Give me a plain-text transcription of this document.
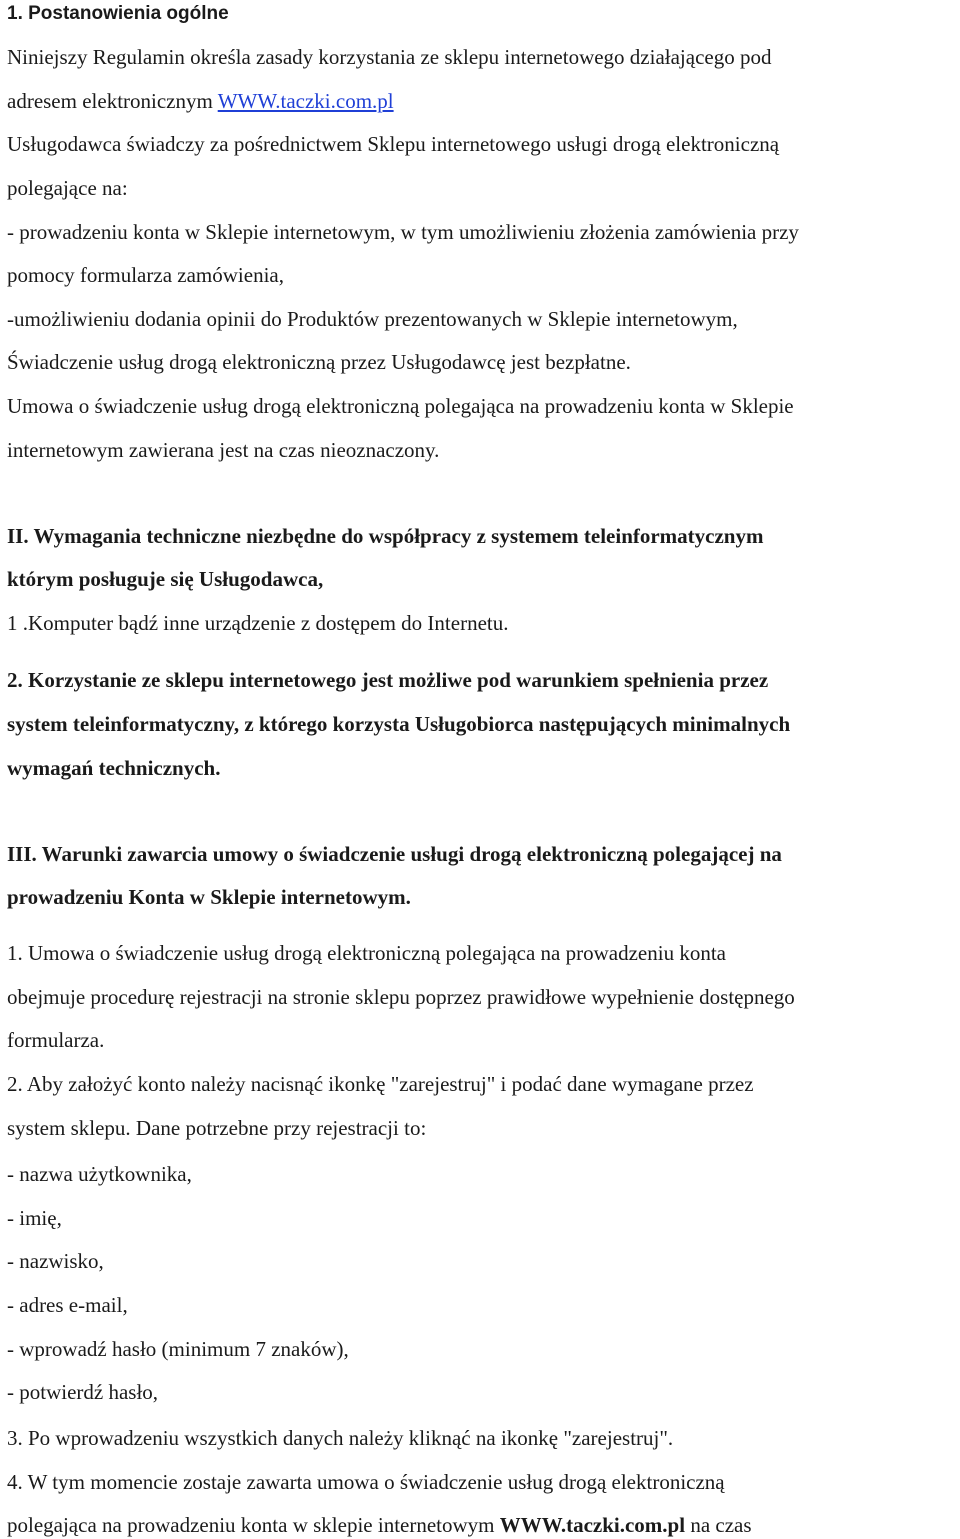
1. Postanowienia ogólne
Niniejszy Regulamin określa zasady korzystania ze sklepu internetowego działającego pod
adresem elektronicznym WWW.taczki.com.pl
Usługodawca świadczy za pośrednictwem Sklepu internetowego usługi drogą elektroniczną
polegające na:
- prowadzeniu konta w Sklepie internetowym, w tym umożliwieniu złożenia zamówienia przy
pomocy formularza zamówienia,
-umożliwieniu dodania opinii do Produktów prezentowanych w Sklepie internetowym,
Świadczenie usług drogą elektroniczną przez Usługodawcę jest bezpłatne.
Umowa o świadczenie usług drogą elektroniczną polegająca na prowadzeniu konta w Sklepie
internetowym zawierana jest na czas nieoznaczony.
II. Wymagania techniczne niezbędne do współpracy z systemem teleinformatycznym
którym posługuje się Usługodawca,
1 .Komputer bądź inne urządzenie z dostępem do Internetu.
2. Korzystanie ze sklepu internetowego jest możliwe pod warunkiem spełnienia przez
system teleinformatyczny, z którego korzysta Usługobiorca następujących minimalnych
wymagań technicznych.
III. Warunki zawarcia umowy o świadczenie usługi drogą elektroniczną polegającej na
prowadzeniu Konta w Sklepie internetowym.
1. Umowa o świadczenie usług drogą elektroniczną polegająca na prowadzeniu konta
obejmuje procedurę rejestracji na stronie sklepu poprzez prawidłowe wypełnienie dostępnego
formularza.
2. Aby założyć konto należy nacisnąć ikonkę "zarejestruj" i podać dane wymagane przez
system sklepu. Dane potrzebne przy rejestracji to:
- nazwa użytkownika,
- imię,
- nazwisko,
- adres e-mail,
- wprowadź hasło (minimum 7 znaków),
- potwierdź hasło,
3. Po wprowadzeniu wszystkich danych należy kliknąć na ikonkę "zarejestruj".
4. W tym momencie zostaje zawarta umowa o świadczenie usług drogą elektroniczną
polegająca na prowadzeniu konta w sklepie internetowym WWW.taczki.com.pl na czas
